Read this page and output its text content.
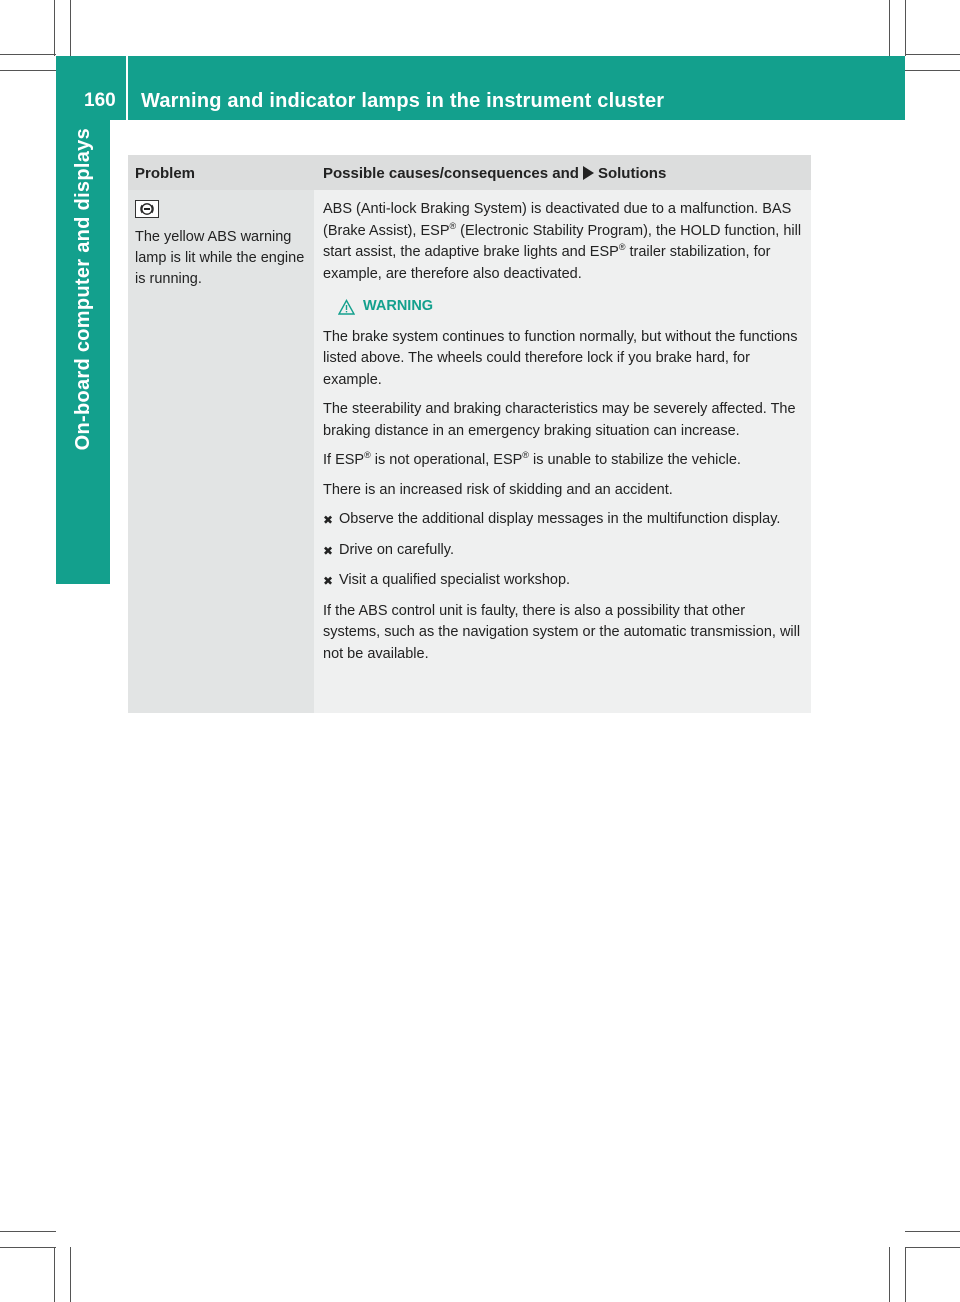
160 Warning and indicator lamps in the instrument cluster
On-board computer and displays	Problem	Possible causes/consequences and Solutions
The yellow ABS warning lamp is lit while the engine is running.

ABS (Anti-lock Braking System) is deactivated due to a malfunction. BAS (Brake Assist), ESP® (Electronic Stability Program), the HOLD function, hill start assist, the adaptive brake lights and ESP® trailer stabilization, for example, are therefore also deactivated.

WARNING

The brake system continues to function normally, but without the functions listed above. The wheels could therefore lock if you brake hard, for example.

The steerability and braking characteristics may be severely affected. The braking distance in an emergency braking situation can increase.

If ESP® is not operational, ESP® is unable to stabilize the vehicle.

There is an increased risk of skidding and an accident.

✖ Observe the additional display messages in the multifunction display.
✖ Drive on carefully.
✖ Visit a qualified specialist workshop.

If the ABS control unit is faulty, there is also a possibility that other systems, such as the navigation system or the automatic transmission, will not be available.
